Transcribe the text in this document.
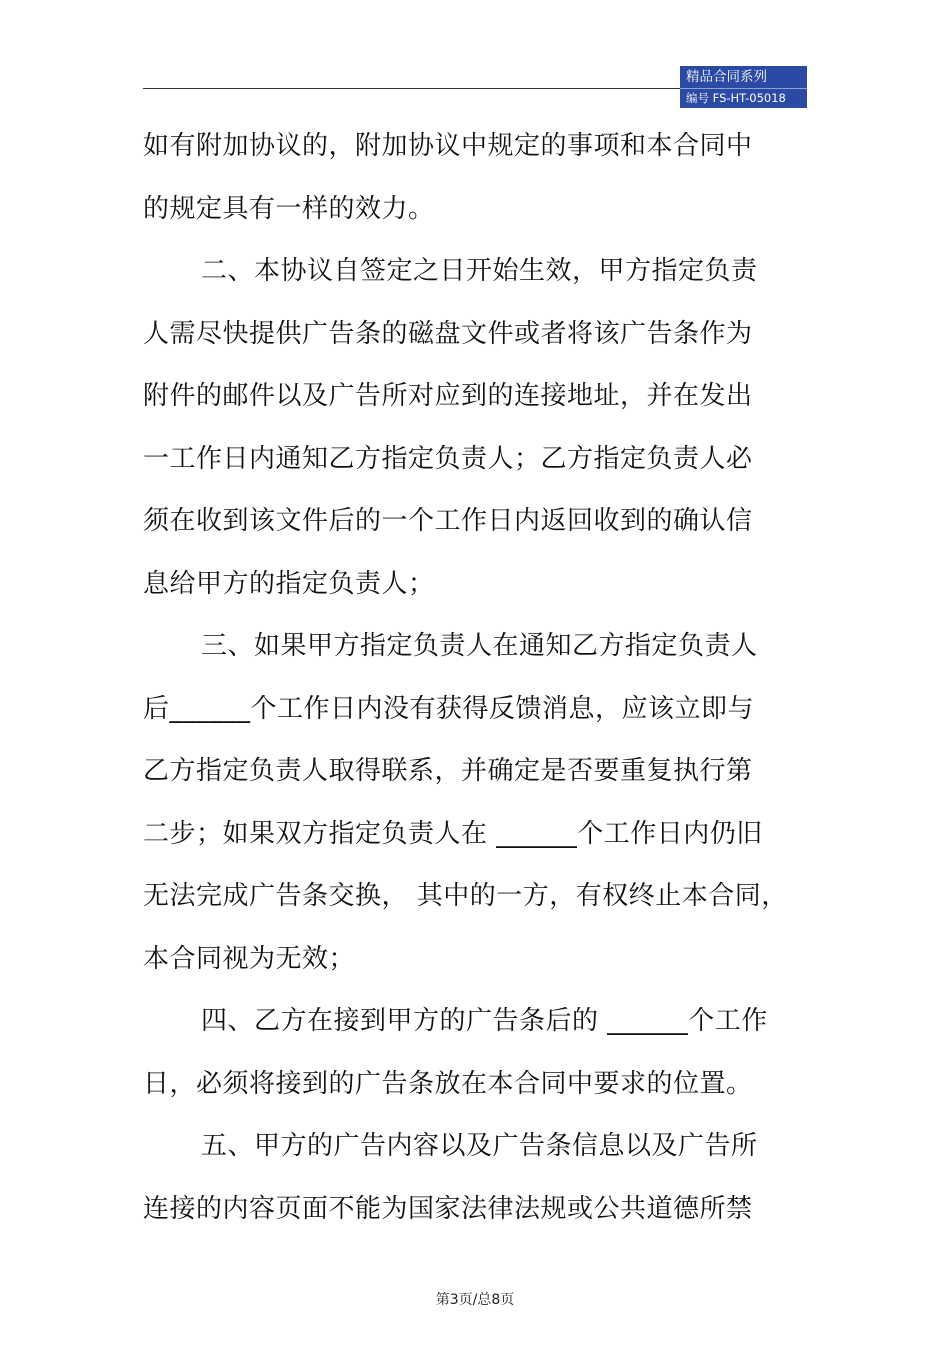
精品合同系列
编号 FS-HT-05018
如有附加协议的，附加协议中规定的事项和本合同中
的规定具有一样的效力。
二、本协议自签定之日开始生效，甲方指定负责
人需尽快提供广告条的磁盘文件或者将该广告条作为
附件的邮件以及广告所对应到的连接地址，并在发出
一工作日内通知乙方指定负责人；乙方指定负责人必
须在收到该文件后的一个工作日内返回收到的确认信
息给甲方的指定负责人；
三、如果甲方指定负责人在通知乙方指定负责人
后______个工作日内没有获得反馈消息，应该立即与
乙方指定负责人取得联系，并确定是否要重复执行第
二步；如果双方指定负责人在 ______个工作日内仍旧
无法完成广告条交换， 其中的一方，有权终止本合同，
本合同视为无效；
四、乙方在接到甲方的广告条后的 ______个工作
日，必须将接到的广告条放在本合同中要求的位置。
五、甲方的广告内容以及广告条信息以及广告所
连接的内容页面不能为国家法律法规或公共道德所禁
第3页/总8页
